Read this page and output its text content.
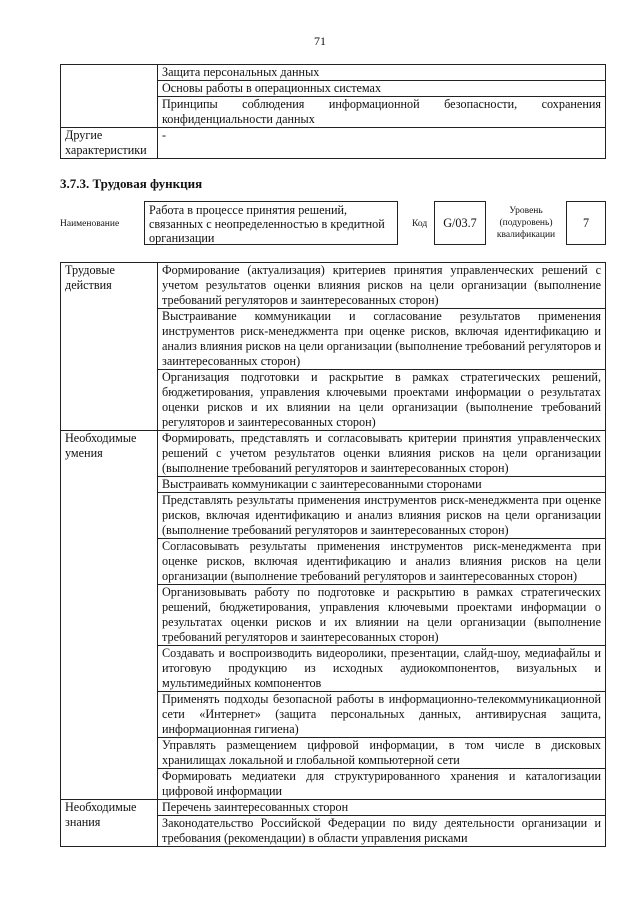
71
	Защита персональных данных
	Основы работы в операционных системах
	Принципы соблюдения информационной безопасности, сохранения конфиденциальности данных
Другие характеристики	-
3.7.3. Трудовая функция
Наименование
Работа в процессе принятия решений, связанных с неопределенностью в кредитной организации
Код	G/03.7
Уровень (подуровень) квалификации
7
Трудовые действия	Формирование (актуализация) критериев принятия управленческих решений с учетом результатов оценки влияния рисков на цели организации (выполнение требований регуляторов и заинтересованных сторон)
	Выстраивание коммуникации и согласование результатов применения инструментов риск-менеджмента при оценке рисков, включая идентификацию и анализ влияния рисков на цели организации (выполнение требований регуляторов и заинтересованных сторон)
	Организация подготовки и раскрытие в рамках стратегических решений, бюджетирования, управления ключевыми проектами информации о результатах оценки рисков и их влиянии на цели организации (выполнение требований регуляторов и заинтересованных сторон)
Необходимые умения	Формировать, представлять и согласовывать критерии принятия управленческих решений с учетом результатов оценки влияния рисков на цели организации (выполнение требований регуляторов и заинтересованных сторон)
	Выстраивать коммуникации с заинтересованными сторонами
	Представлять результаты применения инструментов риск-менеджмента при оценке рисков, включая идентификацию и анализ влияния рисков на цели организации (выполнение требований регуляторов и заинтересованных сторон)
	Согласовывать результаты применения инструментов риск-менеджмента при оценке рисков, включая идентификацию и анализ влияния рисков на цели организации (выполнение требований регуляторов и заинтересованных сторон)
	Организовывать работу по подготовке и раскрытию в рамках стратегических решений, бюджетирования, управления ключевыми проектами информации о результатах оценки рисков и их влиянии на цели организации (выполнение требований регуляторов и заинтересованных сторон)
	Создавать и воспроизводить видеоролики, презентации, слайд-шоу, медиафайлы и итоговую продукцию из исходных аудиокомпонентов, визуальных и мультимедийных компонентов
	Применять подходы безопасной работы в информационно-телекоммуникационной сети «Интернет» (защита персональных данных, антивирусная защита, информационная гигиена)
	Управлять размещением цифровой информации, в том числе в дисковых хранилищах локальной и глобальной компьютерной сети
	Формировать медиатеки для структурированного хранения и каталогизации цифровой информации
Необходимые знания	Перечень заинтересованных сторон
	Законодательство Российской Федерации по виду деятельности организации и требования (рекомендации) в области управления рисками
